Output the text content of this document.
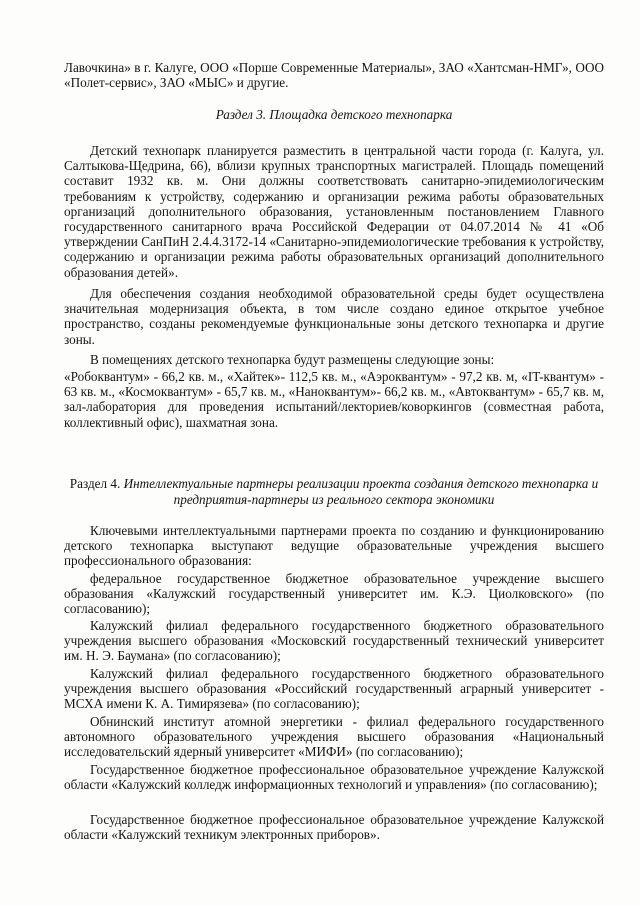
Лавочкина» в г. Калуге, ООО «Порше Современные Материалы», ЗАО «Хантсман-НМГ», ООО «Полет-сервис», ЗАО «МЫС» и другие.

Раздел 3. Площадка детского технопарка

Детский технопарк планируется разместить в центральной части города (г. Калуга, ул. Салтыкова-Щедрина, 66), вблизи крупных транспортных магистралей. Площадь помещений составит 1932 кв. м. Они должны соответствовать санитарно-эпидемиологическим требованиям к устройству, содержанию и организации режима работы образовательных организаций дополнительного образования, установленным постановлением Главного государственного санитарного врача Российской Федерации от 04.07.2014 № 41 «Об утверждении СанПиН 2.4.4.3172-14 «Санитарно-эпидемиологические требования к устройству, содержанию и организации режима работы образовательных организаций дополнительного образования детей».

Для обеспечения создания необходимой образовательной среды будет осуществлена значительная модернизация объекта, в том числе создано единое открытое учебное пространство, созданы рекомендуемые функциональные зоны детского технопарка и другие зоны.

В помещениях детского технопарка будут размещены следующие зоны:

«Робоквантум» - 66,2 кв. м., «Хайтек»- 112,5 кв. м., «Аэроквантум» - 97,2 кв. м, «IT-квантум» - 63 кв. м., «Космоквантум» - 65,7 кв. м., «Наноквантум»- 66,2 кв. м., «Автоквантум» - 65,7 кв. м, зал-лаборатория для проведения испытаний/лекториев/коворкингов (совместная работа, коллективный офис), шахматная зона.

Раздел 4. Интеллектуальные партнеры реализации проекта создания детского технопарка и предприятия-партнеры из реального сектора экономики

Ключевыми интеллектуальными партнерами проекта по созданию и функционированию детского технопарка выступают ведущие образовательные учреждения высшего профессионального образования:

федеральное государственное бюджетное образовательное учреждение высшего образования «Калужский государственный университет им. К.Э. Циолковского» (по согласованию);

Калужский филиал федерального государственного бюджетного образовательного учреждения высшего образования «Московский государственный технический университет им. Н. Э. Баумана» (по согласованию);

Калужский филиал федерального государственного бюджетного образовательного учреждения высшего образования «Российский государственный аграрный университет - МСХА имени К. А. Тимирязева» (по согласованию);

Обнинский институт атомной энергетики - филиал федерального государственного автономного образовательного учреждения высшего образования «Национальный исследовательский ядерный университет «МИФИ» (по согласованию);

Государственное бюджетное профессиональное образовательное учреждение Калужской области «Калужский колледж информационных технологий и управления» (по согласованию);

Государственное бюджетное профессиональное образовательное учреждение Калужской области «Калужский техникум электронных приборов».
